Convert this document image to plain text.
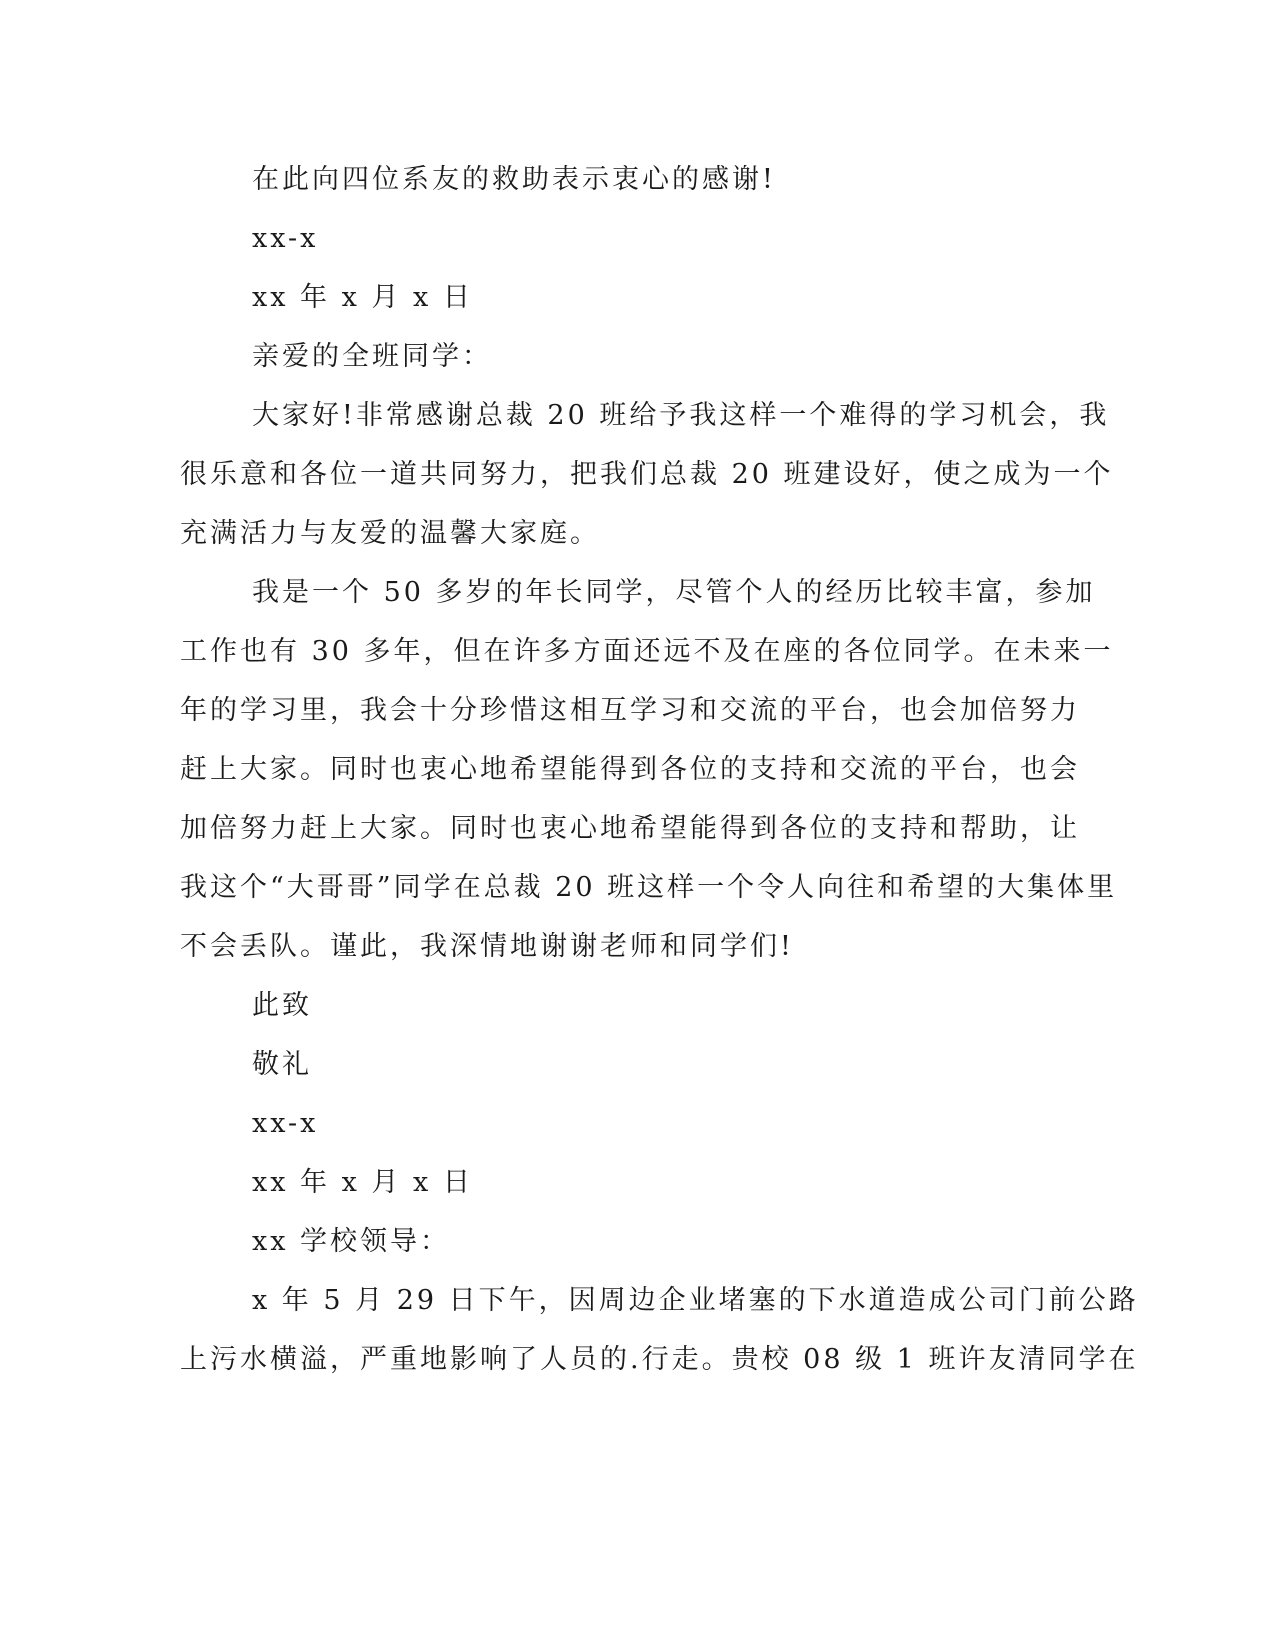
在此向四位系友的救助表示衷心的感谢!
xx-x
xx 年 x 月 x 日
亲爱的全班同学：
大家好!非常感谢总裁 20 班给予我这样一个难得的学习机会，我
很乐意和各位一道共同努力，把我们总裁 20 班建设好，使之成为一个
充满活力与友爱的温馨大家庭。
我是一个 50 多岁的年长同学，尽管个人的经历比较丰富，参加
工作也有 30 多年，但在许多方面还远不及在座的各位同学。在未来一
年的学习里，我会十分珍惜这相互学习和交流的平台，也会加倍努力
赶上大家。同时也衷心地希望能得到各位的支持和交流的平台，也会
加倍努力赶上大家。同时也衷心地希望能得到各位的支持和帮助，让
我这个“大哥哥”同学在总裁 20 班这样一个令人向往和希望的大集体里
不会丢队。谨此，我深情地谢谢老师和同学们!
此致
敬礼
xx-x
xx 年 x 月 x 日
xx 学校领导：
x 年 5 月 29 日下午，因周边企业堵塞的下水道造成公司门前公路
上污水横溢，严重地影响了人员的.行走。贵校 08 级 1 班许友清同学在
